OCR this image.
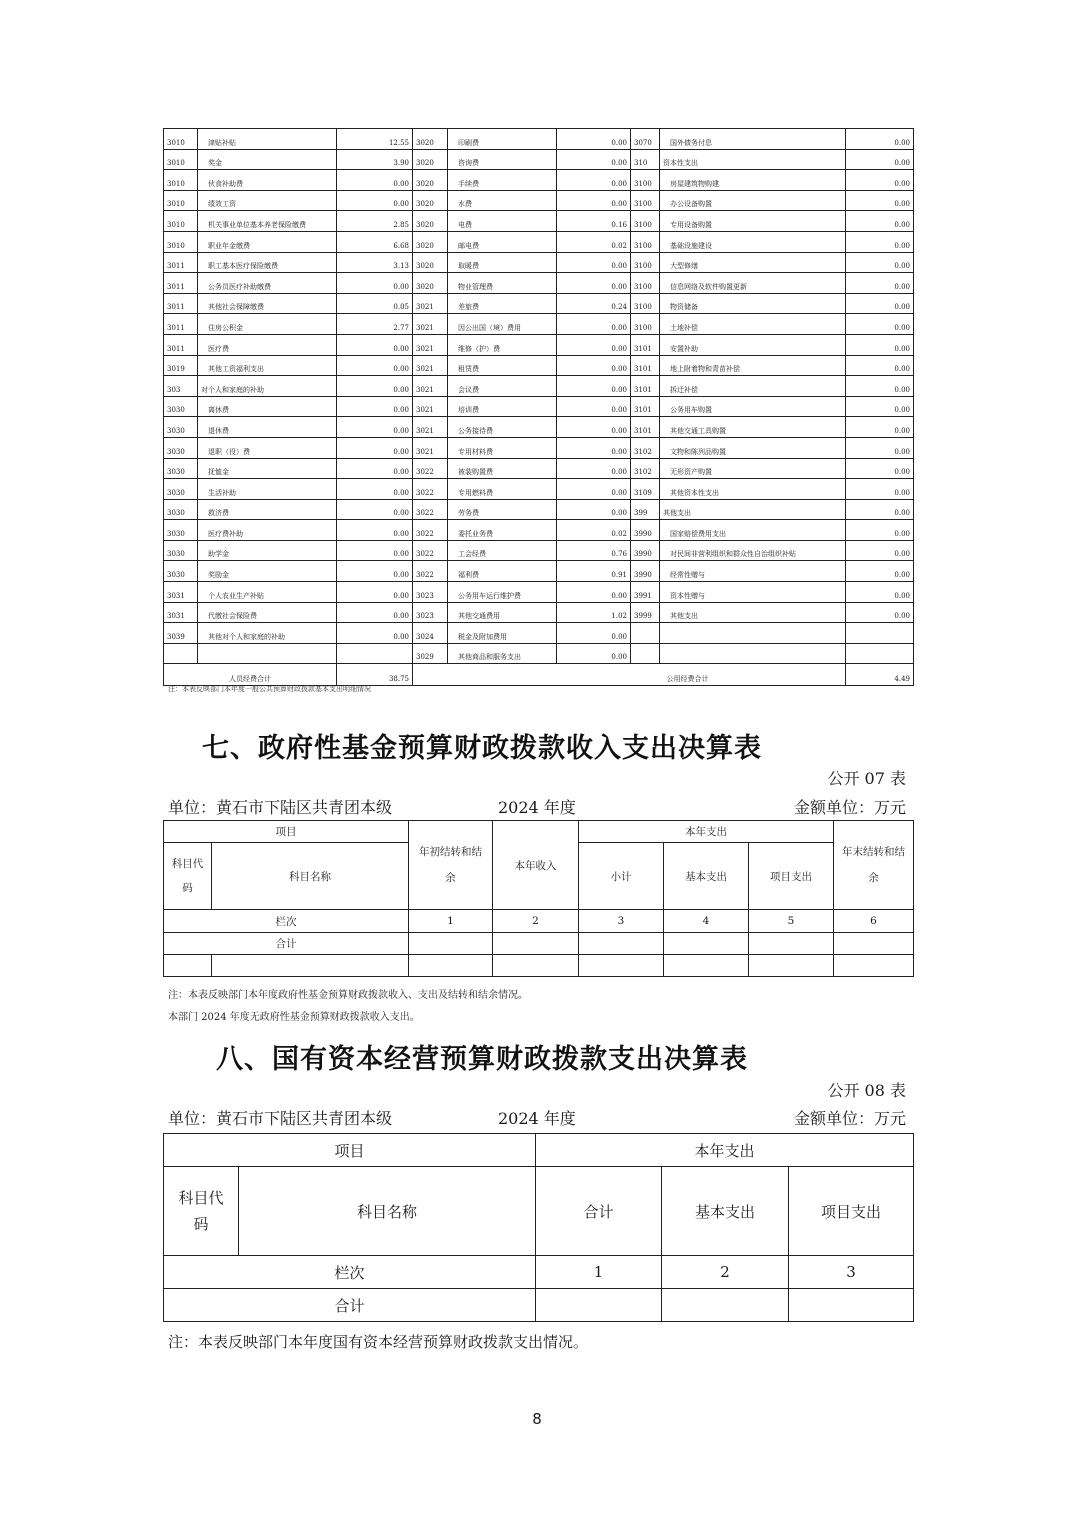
3010	津贴补贴	12.55	3020	印刷费	0.00	3070	国外债务付息	0.00
3010	奖金	3.90	3020	咨询费	0.00	310	资本性支出	0.00
3010	伙食补助费	0.00	3020	手续费	0.00	3100	房屋建筑物购建	0.00
3010	绩效工资	0.00	3020	水费	0.00	3100	办公设备购置	0.00
3010	机关事业单位基本养老保险缴费	2.85	3020	电费	0.16	3100	专用设备购置	0.00
3010	职业年金缴费	6.68	3020	邮电费	0.02	3100	基础设施建设	0.00
3011	职工基本医疗保险缴费	3.13	3020	取暖费	0.00	3100	大型修缮	0.00
3011	公务员医疗补助缴费	0.00	3020	物业管理费	0.00	3100	信息网络及软件购置更新	0.00
3011	其他社会保障缴费	0.05	3021	差旅费	0.24	3100	物资储备	0.00
3011	住房公积金	2.77	3021	因公出国（境）费用	0.00	3100	土地补偿	0.00
3011	医疗费	0.00	3021	维修（护）费	0.00	3101	安置补助	0.00
3019	其他工资福利支出	0.00	3021	租赁费	0.00	3101	地上附着物和青苗补偿	0.00
303	对个人和家庭的补助	0.00	3021	会议费	0.00	3101	拆迁补偿	0.00
3030	离休费	0.00	3021	培训费	0.00	3101	公务用车购置	0.00
3030	退休费	0.00	3021	公务接待费	0.00	3101	其他交通工具购置	0.00
3030	退职（役）费	0.00	3021	专用材料费	0.00	3102	文物和陈列品购置	0.00
3030	抚恤金	0.00	3022	被装购置费	0.00	3102	无形资产购置	0.00
3030	生活补助	0.00	3022	专用燃料费	0.00	3109	其他资本性支出	0.00
3030	救济费	0.00	3022	劳务费	0.00	399	其他支出	0.00
3030	医疗费补助	0.00	3022	委托业务费	0.02	3990	国家赔偿费用支出	0.00
3030	助学金	0.00	3022	工会经费	0.76	3990	对民间非营利组织和群众性自治组织补贴	0.00
3030	奖励金	0.00	3022	福利费	0.91	3990	经常性赠与	0.00
3031	个人农业生产补贴	0.00	3023	公务用车运行维护费	0.00	3991	资本性赠与	0.00
3031	代缴社会保险费	0.00	3023	其他交通费用	1.02	3999	其他支出	0.00
3039	其他对个人和家庭的补助	0.00	3024	税金及附加费用	0.00			
			3029	其他商品和服务支出	0.00			
人员经费合计		38.75	公用经费合计					4.49
注：本表反映部门本年度一般公共预算财政拨款基本支出明细情况
七、政府性基金预算财政拨款收入支出决算表
公开 07 表
单位：黄石市下陆区共青团本级	2024 年度	金额单位：万元
项目		年初结转和结余	本年收入	本年支出			年末结转和结余
科目代码	科目名称			小计	基本支出	项目支出	
栏次		1	2	3	4	5	6
合计							

注：本表反映部门本年度政府性基金预算财政拨款收入、支出及结转和结余情况。
本部门 2024 年度无政府性基金预算财政拨款收入支出。
八、国有资本经营预算财政拨款支出决算表
公开 08 表
单位：黄石市下陆区共青团本级	2024 年度	金额单位：万元
项目		本年支出		
科目代码	科目名称	合计	基本支出	项目支出
栏次		1	2	3
合计				
注：本表反映部门本年度国有资本经营预算财政拨款支出情况。
8
